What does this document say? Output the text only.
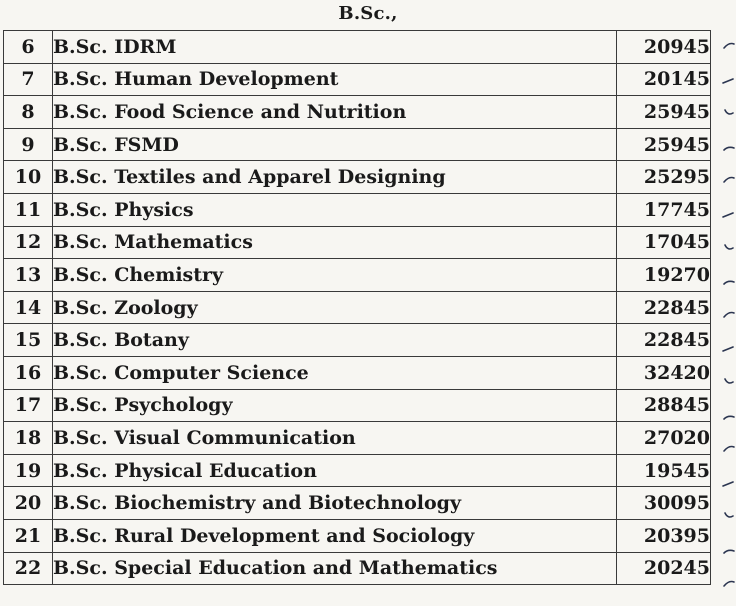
B.Sc.,
6	B.Sc. IDRM	20945
7	B.Sc. Human Development	20145
8	B.Sc. Food Science and Nutrition	25945
9	B.Sc. FSMD	25945
10	B.Sc. Textiles and Apparel Designing	25295
11	B.Sc. Physics	17745
12	B.Sc. Mathematics	17045
13	B.Sc. Chemistry	19270
14	B.Sc. Zoology	22845
15	B.Sc. Botany	22845
16	B.Sc. Computer Science	32420
17	B.Sc. Psychology	28845
18	B.Sc. Visual Communication	27020
19	B.Sc. Physical Education	19545
20	B.Sc. Biochemistry and Biotechnology	30095
21	B.Sc. Rural Development and Sociology	20395
22	B.Sc. Special Education and Mathematics	20245
